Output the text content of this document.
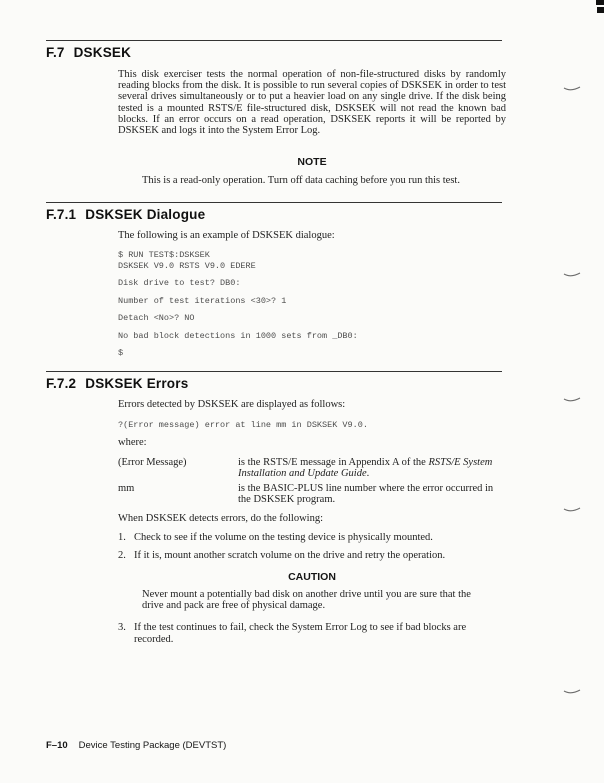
F.7 DSKSEK
This disk exerciser tests the normal operation of non-file-structured disks by randomly reading blocks from the disk. It is possible to run several copies of DSKSEK in order to test several drives simultaneously or to put a heavier load on any single drive. If the disk being tested is a mounted RSTS/E file-structured disk, DSKSEK will not read the known bad blocks. If an error occurs on a read operation, DSKSEK reports it will be reported by DSKSEK and logs it into the System Error Log.
NOTE
This is a read-only operation. Turn off data caching before you run this test.
F.7.1 DSKSEK Dialogue
The following is an example of DSKSEK dialogue:
$ RUN TEST$:DSKSEK
DSKSEK V9.0 RSTS V9.0 EDERE
Disk drive to test? DB0:
Number of test iterations <30>? 1
Detach <No>? NO
No bad block detections in 1000 sets from _DB0:
$
F.7.2 DSKSEK Errors
Errors detected by DSKSEK are displayed as follows:
?(Error message) error at line mm in DSKSEK V9.0.
where:
(Error Message)	is the RSTS/E message in Appendix A of the RSTS/E System Installation and Update Guide.
mm	is the BASIC-PLUS line number where the error occurred in the DSKSEK program.
When DSKSEK detects errors, do the following:
1. Check to see if the volume on the testing device is physically mounted.
2. If it is, mount another scratch volume on the drive and retry the operation.
CAUTION
Never mount a potentially bad disk on another drive until you are sure that the drive and pack are free of physical damage.
3. If the test continues to fail, check the System Error Log to see if bad blocks are recorded.
F–10 Device Testing Package (DEVTST)
